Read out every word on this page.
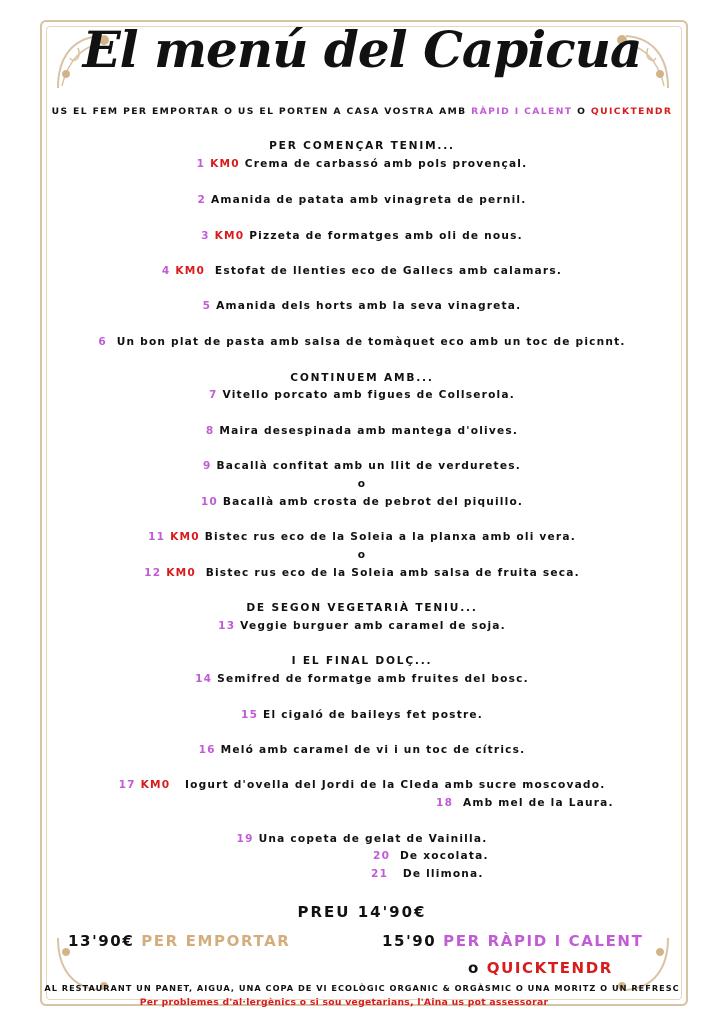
El menú del Capicua
US EL FEM PER EMPORTAR O US EL PORTEN A CASA VOSTRA AMB RÀPID I CALENT O QUICKTENDR
PER COMENÇAR TENIM...
1 KM0 Crema de carbassó amb pols provençal.
2 Amanida de patata amb vinagreta de pernil.
3 KM0 Pizzeta de formatges amb oli de nous.
4 KM0 Estofat de llenties eco de Gallecs amb calamars.
5 Amanida dels horts amb la seva vinagreta.
6 Un bon plat de pasta amb salsa de tomàquet eco amb un toc de picnnt.
CONTINUEM AMB...
7 Vitello porcato amb figues de Collserola.
8 Maira desespinada amb mantega d'olives.
9 Bacallà confitat amb un llit de verduretes.
o
10 Bacallà amb crosta de pebrot del piquillo.
11 KM0 Bistec rus eco de la Soleia a la planxa amb oli vera.
o
12 KM0 Bistec rus eco de la Soleia amb salsa de fruita seca.
DE SEGON VEGETARIÀ TENIU...
13 Veggie burguer amb caramel de soja.
I EL FINAL DOLÇ...
14 Semifred de formatge amb fruites del bosc.
15 El cigaló de baileys fet postre.
16 Meló amb caramel de vi i un toc de cítrics.
17 KM0 Iogurt d'ovella del Jordi de la Cleda amb sucre moscovado.
18 Amb mel de la Laura.
19 Una copeta de gelat de Vainilla.
20 De xocolata.
21 De llimona.
PREU 14'90€
13'90€ PER EMPORTAR	15'90 PER RÀPID I CALENT
o QUICKTENDR
AL RESTAURANT UN PANET, AIGUA, UNA COPA DE VI ECOLÒGIC ORGANIC & ORGÀSMIC O UNA MORITZ O UN REFRESC
Per problemes d'al·lergènics o si sou vegetarians, l'Aina us pot assessorar
